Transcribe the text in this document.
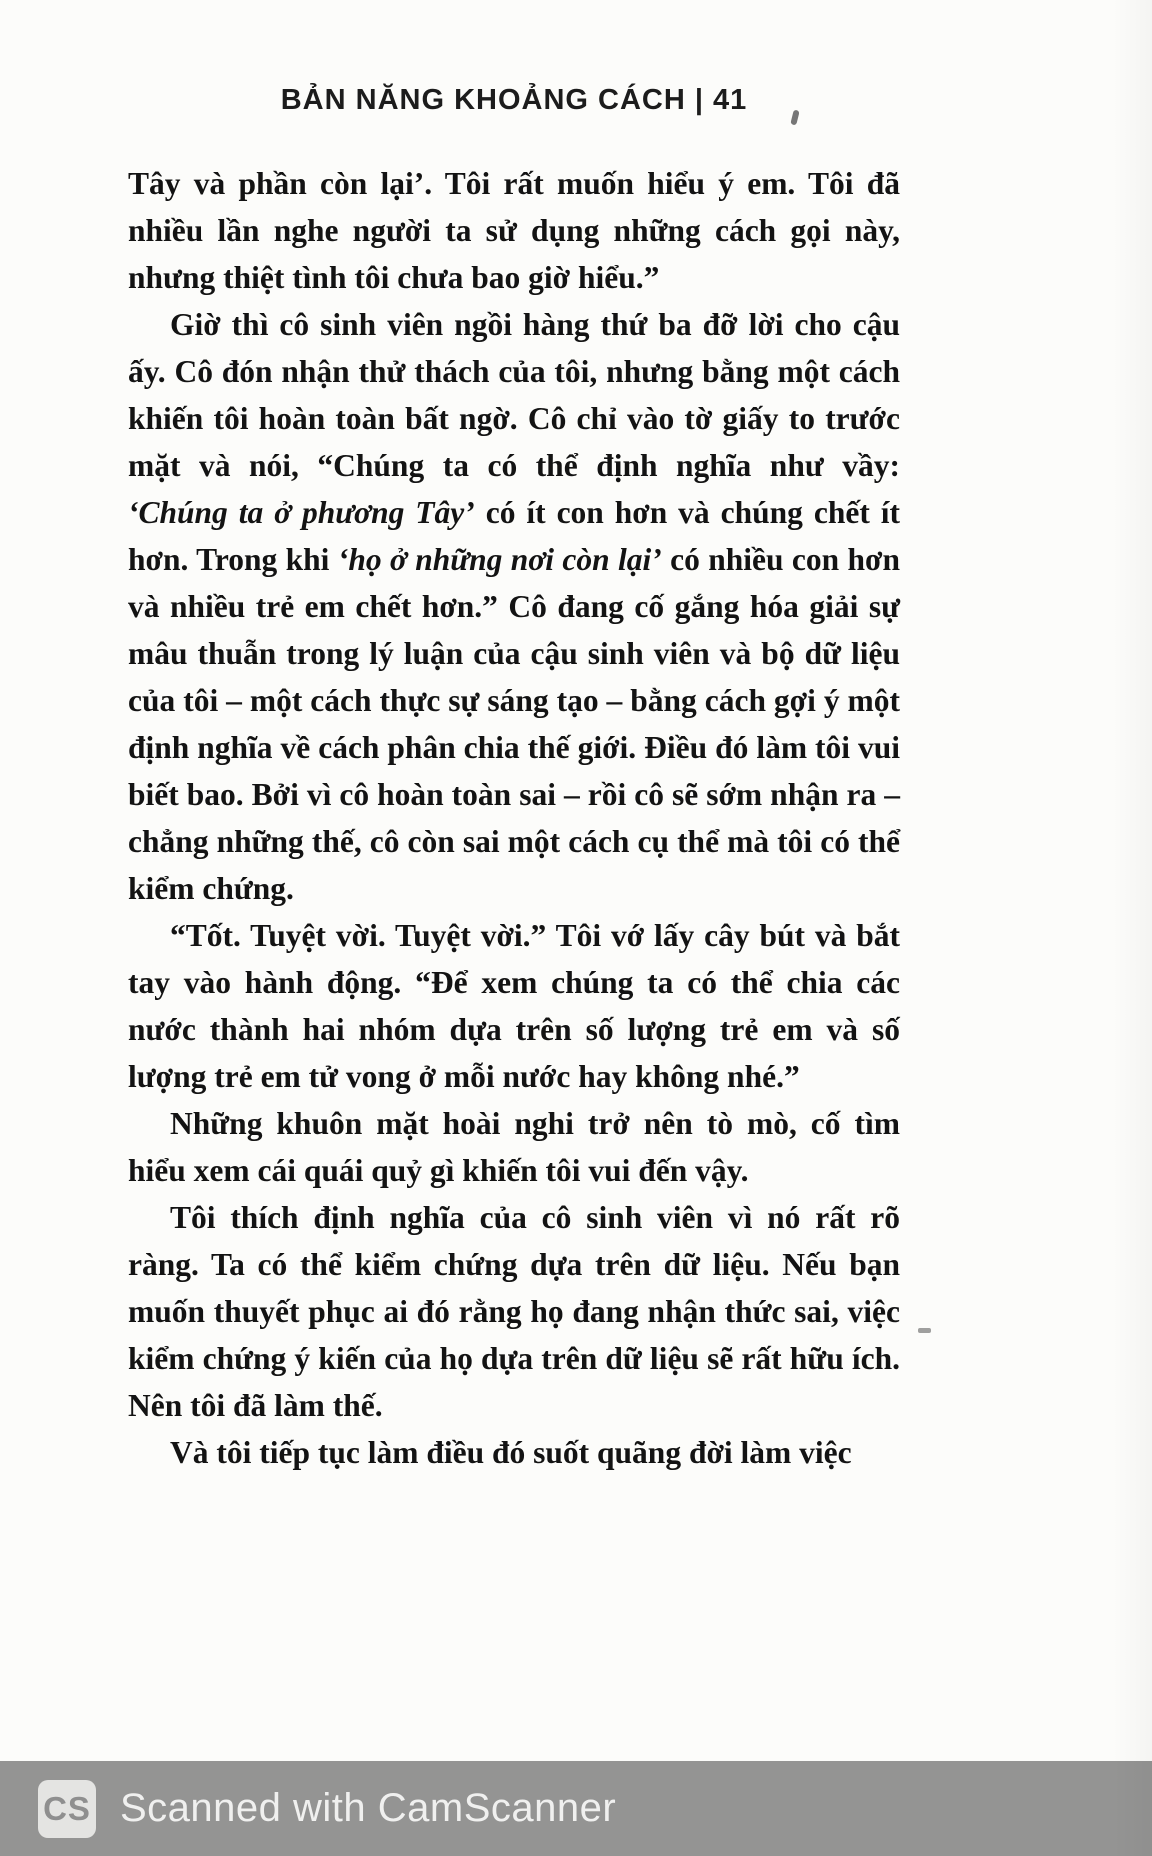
BẢN NĂNG KHOẢNG CÁCH | 41

Tây và phần còn lại’. Tôi rất muốn hiểu ý em. Tôi đã nhiều lần nghe người ta sử dụng những cách gọi này, nhưng thiệt tình tôi chưa bao giờ hiểu.”

Giờ thì cô sinh viên ngồi hàng thứ ba đỡ lời cho cậu ấy. Cô đón nhận thử thách của tôi, nhưng bằng một cách khiến tôi hoàn toàn bất ngờ. Cô chỉ vào tờ giấy to trước mặt và nói, “Chúng ta có thể định nghĩa như vầy: ‘Chúng ta ở phương Tây’ có ít con hơn và chúng chết ít hơn. Trong khi ‘họ ở những nơi còn lại’ có nhiều con hơn và nhiều trẻ em chết hơn.” Cô đang cố gắng hóa giải sự mâu thuẫn trong lý luận của cậu sinh viên và bộ dữ liệu của tôi – một cách thực sự sáng tạo – bằng cách gợi ý một định nghĩa về cách phân chia thế giới. Điều đó làm tôi vui biết bao. Bởi vì cô hoàn toàn sai – rồi cô sẽ sớm nhận ra – chẳng những thế, cô còn sai một cách cụ thể mà tôi có thể kiểm chứng.

“Tốt. Tuyệt vời. Tuyệt vời.” Tôi vớ lấy cây bút và bắt tay vào hành động. “Để xem chúng ta có thể chia các nước thành hai nhóm dựa trên số lượng trẻ em và số lượng trẻ em tử vong ở mỗi nước hay không nhé.”

Những khuôn mặt hoài nghi trở nên tò mò, cố tìm hiểu xem cái quái quỷ gì khiến tôi vui đến vậy.

Tôi thích định nghĩa của cô sinh viên vì nó rất rõ ràng. Ta có thể kiểm chứng dựa trên dữ liệu. Nếu bạn muốn thuyết phục ai đó rằng họ đang nhận thức sai, việc kiểm chứng ý kiến của họ dựa trên dữ liệu sẽ rất hữu ích. Nên tôi đã làm thế.

Và tôi tiếp tục làm điều đó suốt quãng đời làm việc

CS Scanned with CamScanner
